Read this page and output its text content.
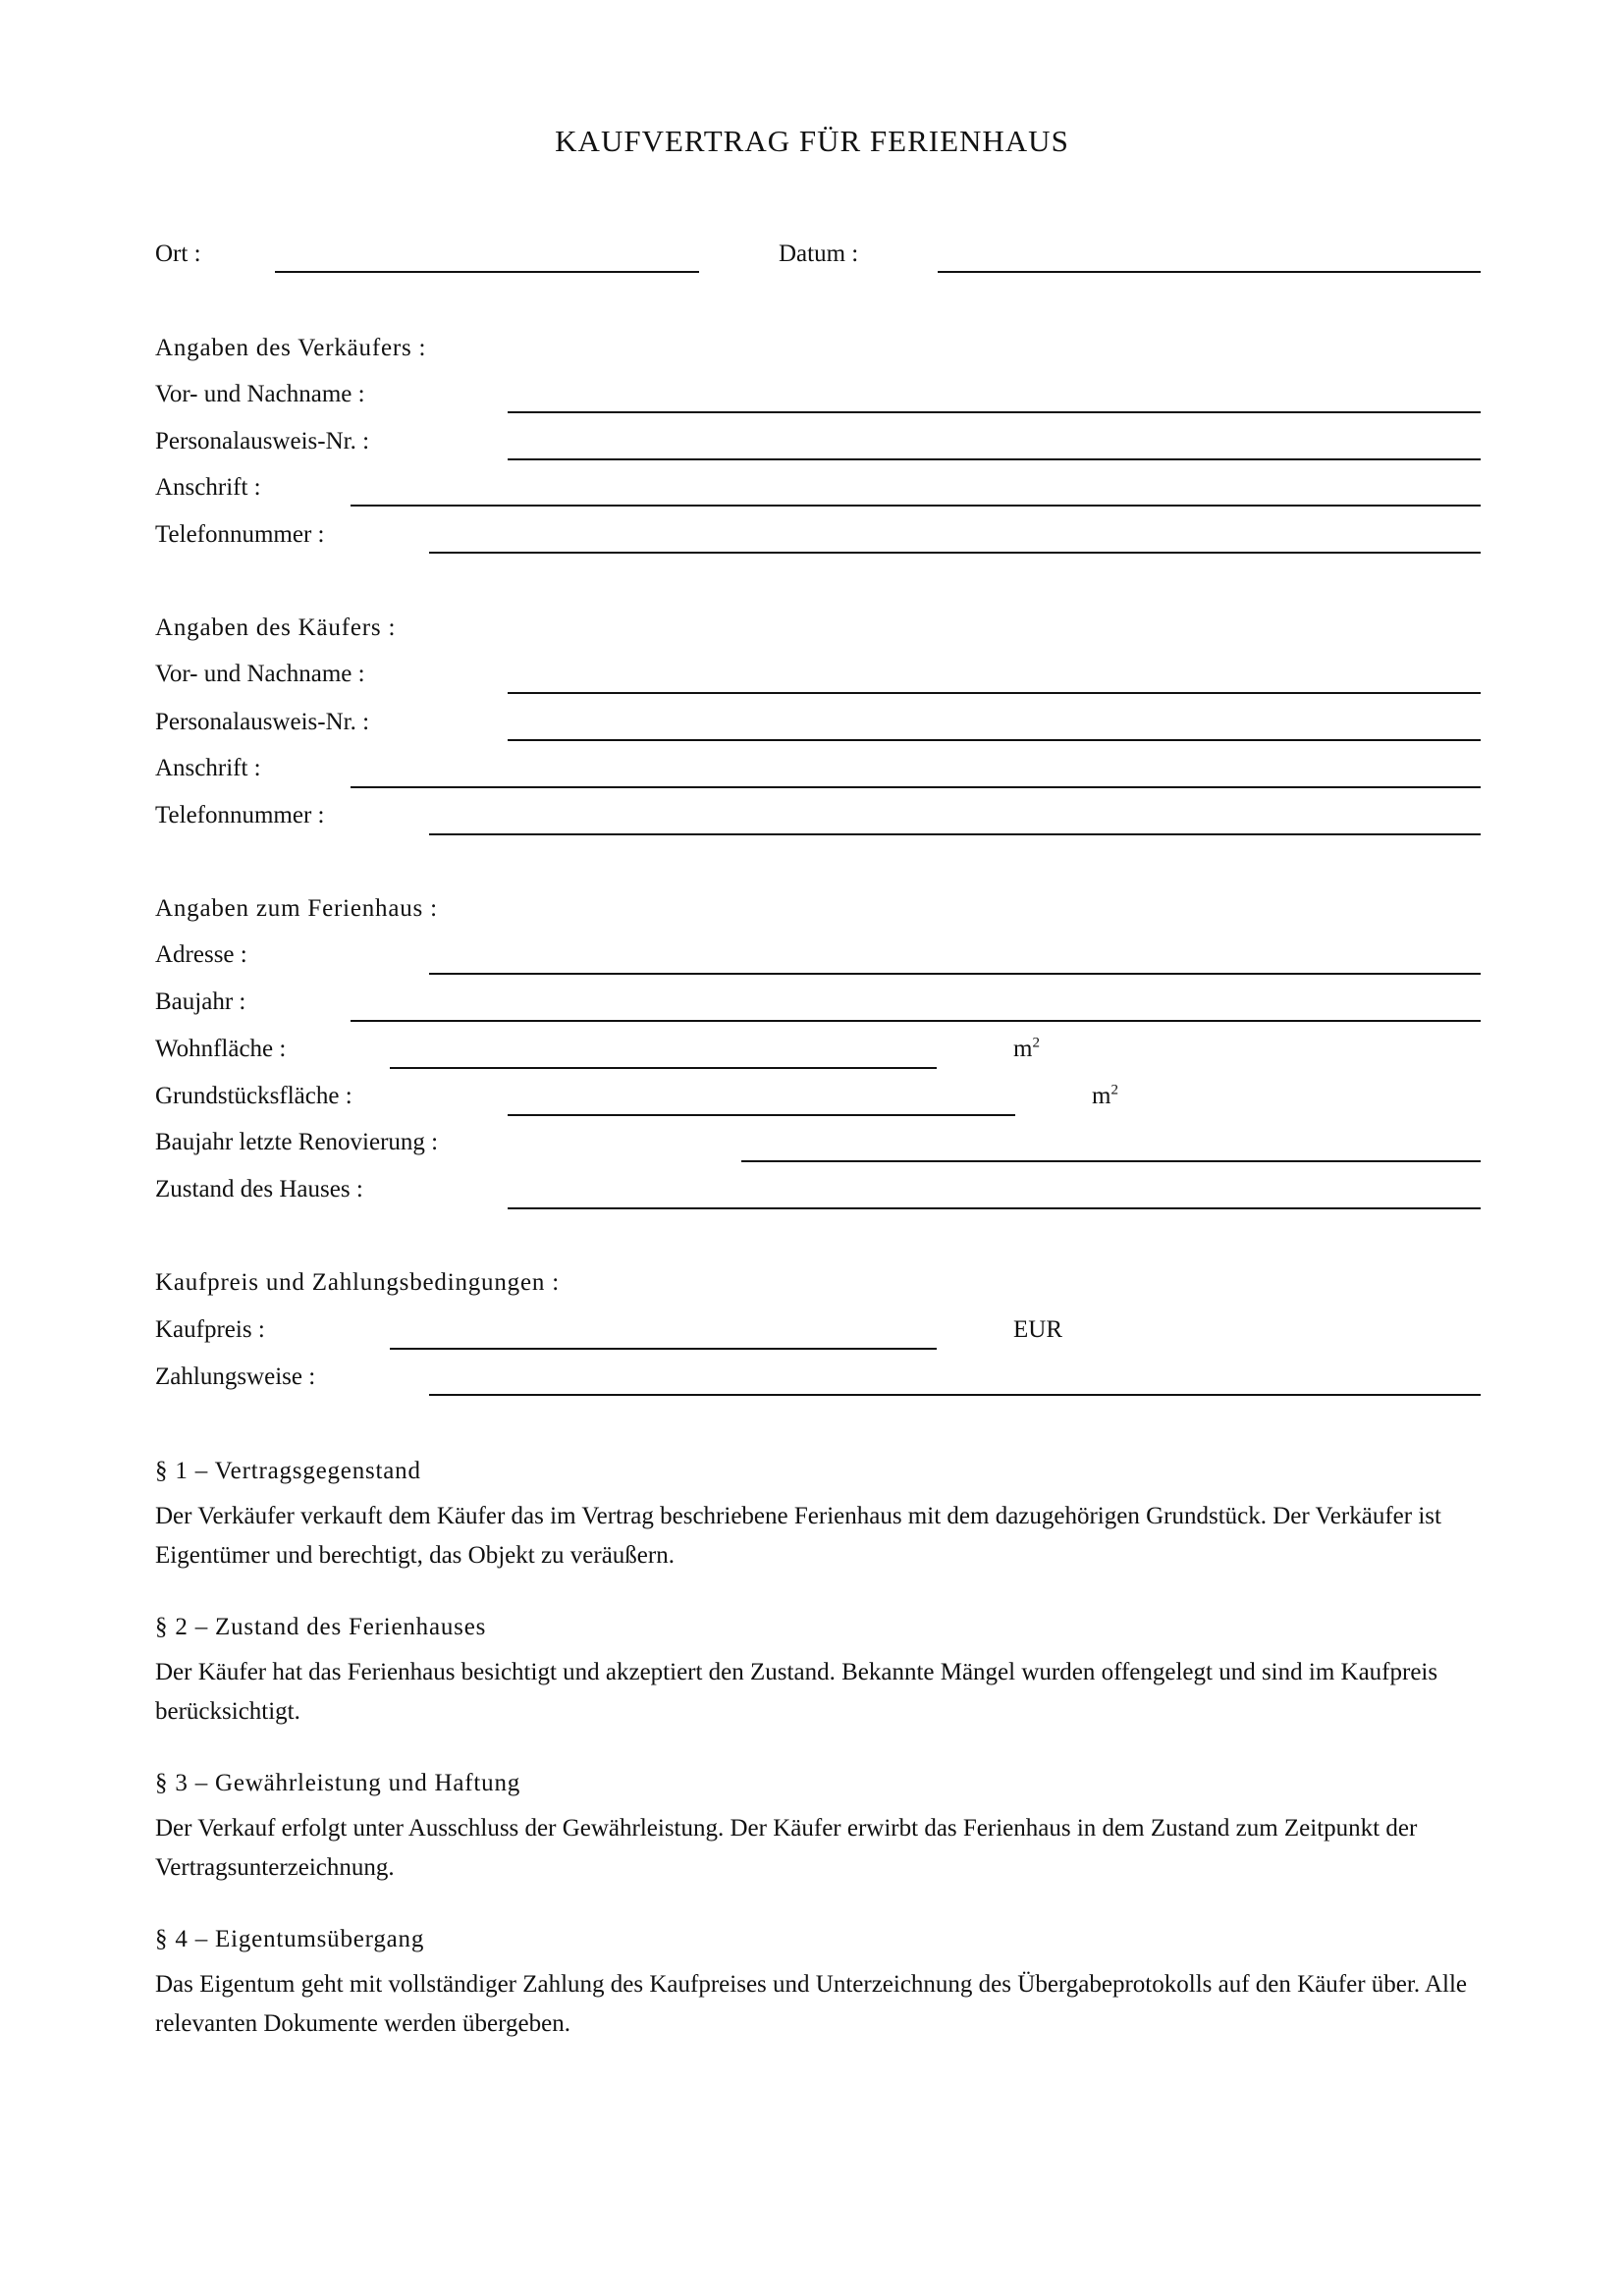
KAUFVERTRAG FÜR FERIENHAUS
Ort :	Datum :
Angaben des Verkäufers :
Vor- und Nachname :
Personalausweis-Nr. :
Anschrift :
Telefonnummer :
Angaben des Käufers :
Vor- und Nachname :
Personalausweis-Nr. :
Anschrift :
Telefonnummer :
Angaben zum Ferienhaus :
Adresse :
Baujahr :
Wohnfläche :	$m^2$
Grundstücksfläche :	$m^2$
Baujahr letzte Renovierung :
Zustand des Hauses :
Kaufpreis und Zahlungsbedingungen :
Kaufpreis :	EUR
Zahlungsweise :
§ 1 – Vertragsgegenstand
Der Verkäufer verkauft dem Käufer das im Vertrag beschriebene Ferienhaus mit dem dazugehörigen Grundstück. Der Verkäufer ist Eigentümer und berechtigt, das Objekt zu veräußern.
§ 2 – Zustand des Ferienhauses
Der Käufer hat das Ferienhaus besichtigt und akzeptiert den Zustand. Bekannte Mängel wurden offengelegt und sind im Kaufpreis berücksichtigt.
§ 3 – Gewährleistung und Haftung
Der Verkauf erfolgt unter Ausschluss der Gewährleistung. Der Käufer erwirbt das Ferienhaus in dem Zustand zum Zeitpunkt der Vertragsunterzeichnung.
§ 4 – Eigentumsübergang
Das Eigentum geht mit vollständiger Zahlung des Kaufpreises und Unterzeichnung des Übergabeprotokolls auf den Käufer über. Alle relevanten Dokumente werden übergeben.
